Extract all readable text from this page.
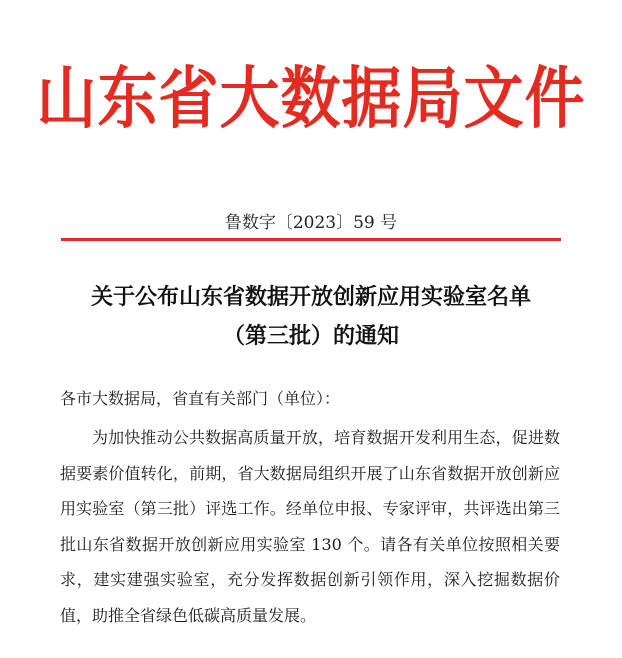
山东省大数据局文件
鲁数字〔2023〕59 号
关于公布山东省数据开放创新应用实验室名单
（第三批）的通知
各市大数据局，省直有关部门（单位）：
为加快推动公共数据高质量开放，培育数据开发利用生态，促进数据要素价值转化，前期，省大数据局组织开展了山东省数据开放创新应用实验室（第三批）评选工作。经单位申报、专家评审，共评选出第三批山东省数据开放创新应用实验室 130 个。请各有关单位按照相关要求，建实建强实验室，充分发挥数据创新引领作用，深入挖掘数据价值，助推全省绿色低碳高质量发展。
